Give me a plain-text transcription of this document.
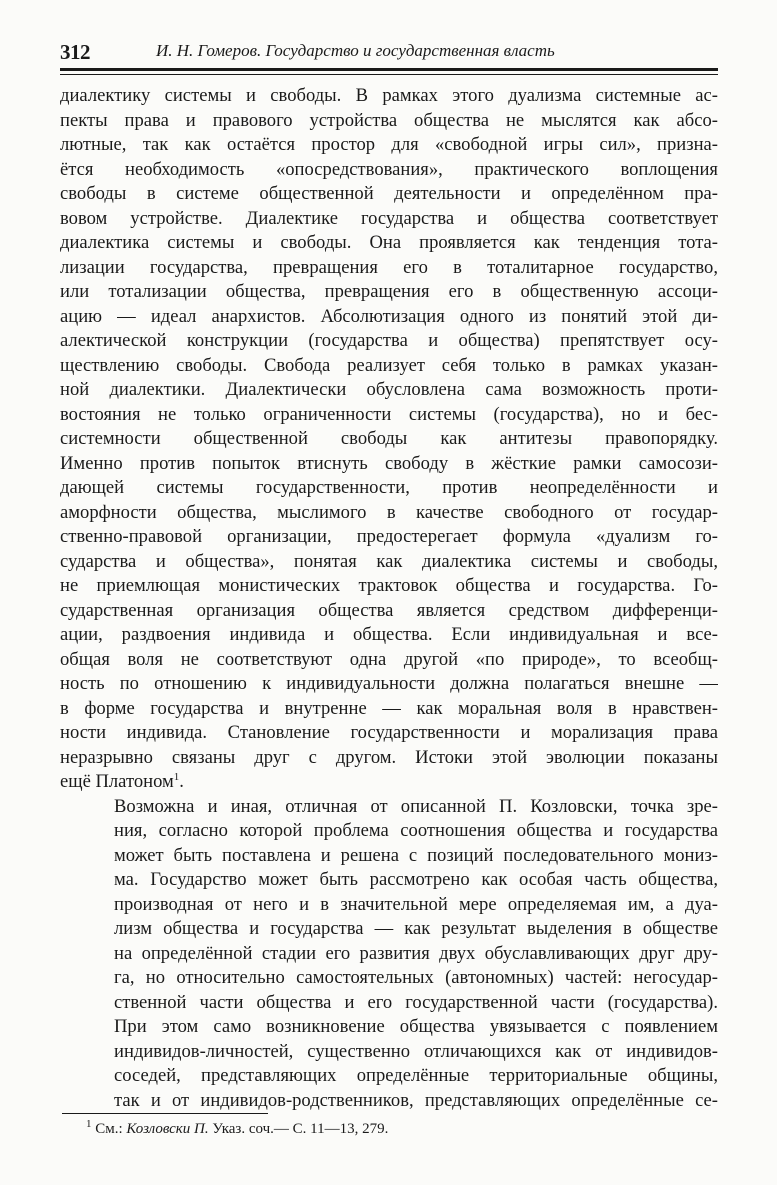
312	И. Н. Гомеров. Государство и государственная власть

диалектику системы и свободы. В рамках этого дуализма системные ас-
пекты права и правового устройства общества не мыслятся как абсо-
лютные, так как остаётся простор для «свободной игры сил», призна-
ётся необходимость «опосредствования», практического воплощения
свободы в системе общественной деятельности и определённом пра-
вовом устройстве. Диалектике государства и общества соответствует
диалектика системы и свободы. Она проявляется как тенденция тота-
лизации государства, превращения его в тоталитарное государство,
или тотализации общества, превращения его в общественную ассоци-
ацию — идеал анархистов. Абсолютизация одного из понятий этой ди-
алектической конструкции (государства и общества) препятствует осу-
ществлению свободы. Свобода реализует себя только в рамках указан-
ной диалектики. Диалектически обусловлена сама возможность проти-
востояния не только ограниченности системы (государства), но и бес-
системности общественной свободы как антитезы правопорядку.
Именно против попыток втиснуть свободу в жёсткие рамки самосози-
дающей системы государственности, против неопределённости и
аморфности общества, мыслимого в качестве свободного от государ-
ственно-правовой организации, предостерегает формула «дуализм го-
сударства и общества», понятая как диалектика системы и свободы,
не приемлющая монистических трактовок общества и государства. Го-
сударственная организация общества является средством дифференци-
ации, раздвоения индивида и общества. Если индивидуальная и все-
общая воля не соответствуют одна другой «по природе», то всеобщ-
ность по отношению к индивидуальности должна полагаться внешне —
в форме государства и внутренне — как моральная воля в нравствен-
ности индивида. Становление государственности и морализация права
неразрывно связаны друг с другом. Истоки этой эволюции показаны
ещё Платоном$^1$.

Возможна и иная, отличная от описанной П. Козловски, точка зре-
ния, согласно которой проблема соотношения общества и государства
может быть поставлена и решена с позиций последовательного мониз-
ма. Государство может быть рассмотрено как особая часть общества,
производная от него и в значительной мере определяемая им, а дуа-
лизм общества и государства — как результат выделения в обществе
на определённой стадии его развития двух обуславливающих друг дру-
га, но относительно самостоятельных (автономных) частей: негосудар-
ственной части общества и его государственной части (государства).
При этом само возникновение общества увязывается с появлением
индивидов-личностей, существенно отличающихся как от индивидов-
соседей, представляющих определённые территориальные общины,
так и от индивидов-родственников, представляющих определённые се-

$^1$ См.: Козловски П. Указ. соч.— С. 11—13, 279.
